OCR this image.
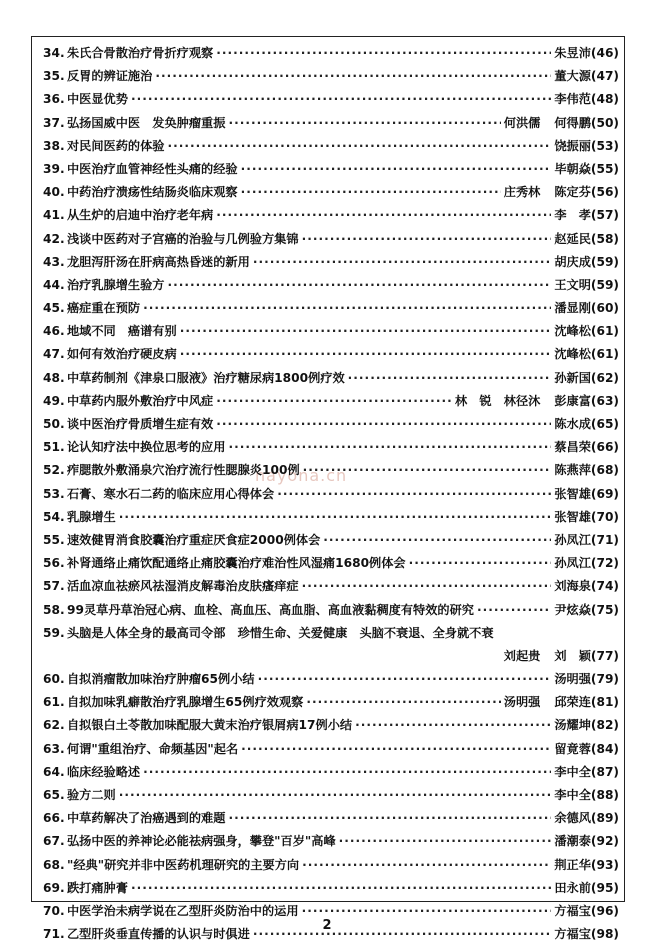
nayona.cn
34. 朱氏合骨散治疗骨折疗观察 ·····	朱昱沛(46)
35. 反胃的辨证施治 ·····	董大源(47)
36. 中医显优势 ·····	李伟范(48)
37. 弘扬国威中医　发奂肿瘤重振 ·····	何洪儒 何得鹏(50)
38. 对民间医药的体验 ·····	饶振丽(53)
39. 中医治疗血管神经性头痛的经验 ·····	毕朝焱(55)
40. 中药治疗溃疡性结肠炎临床观察 ·····	庄秀林 陈定芬(56)
41. 从生炉的启迪中治疗老年病 ·····	李　孝(57)
42. 浅谈中医药对子宫癌的治验与几例验方集锦 ·····	赵延民(58)
43. 龙胆泻肝汤在肝病高热昏迷的新用 ·····	胡庆成(59)
44. 治疗乳腺增生验方 ·····	王文明(59)
45. 癌症重在预防 ·····	潘显刚(60)
46. 地域不同　癌谱有别 ·····	沈峰松(61)
47. 如何有效治疗硬皮病 ·····	沈峰松(61)
48. 中草药制剂《津泉口服液》治疗糖尿病1800例疗效 ·····	孙新国(62)
49. 中草药内服外敷治疗中风症 ·····	林　锐　林径沐 彭康富(63)
50. 谈中医治疗骨质增生症有效 ·····	陈水成(65)
51. 论认知疗法中换位思考的应用 ·····	蔡昌荣(66)
52. 痄腮散外敷涌泉穴治疗流行性腮腺炎100例 ·····	陈燕萍(68)
53. 石膏、寒水石二药的临床应用心得体会 ·····	张智雄(69)
54. 乳腺增生 ·····	张智雄(70)
55. 速效健胃消食胶囊治疗重症厌食症2000例体会 ·····	孙凤江(71)
56. 补肾通络止痛饮配通络止痛胶囊治疗难治性风湿痛1680例体会 ·····	孙凤江(72)
57. 活血凉血祛瘀风祛湿消皮解毒治皮肤瘙痒症 ·····	刘海泉(74)
58. 99灵草丹草治冠心病、血栓、高血压、高血脂、高血液黏稠度有特效的研究 ·····	尹炫焱(75)
59. 头脑是人体全身的最高司令部　珍惜生命、关爱健康　头脑不衰退、全身就不衰
刘起贵 刘　颖(77)
60. 自拟消瘤散加味治疗肿瘤65例小结 ·····	汤明强(79)
61. 自拟加味乳癖散治疗乳腺增生65例疗效观察 ·····	汤明强 邱荣连(81)
62. 自拟银白土苓散加味配服大黄末治疗银屑病17例小结 ·····	汤耀坤(82)
63. 何谓"重组治疗、命频基因"起名 ·····	留竟蓉(84)
64. 临床经验略述 ·····	李中全(87)
65. 验方二则 ·····	李中全(88)
66. 中草药解决了治癌遇到的难题 ·····	余德风(89)
67. 弘扬中医的养神论必能祛病强身，攀登"百岁"高峰 ·····	潘潮泰(92)
68. "经典"研究并非中医药机理研究的主要方向 ·····	荆正华(93)
69. 跌打痛肿膏 ·····	田永前(95)
70. 中医学治未病学说在乙型肝炎防治中的运用 ·····	方福宝(96)
71. 乙型肝炎垂直传播的认识与时俱进 ·····	方福宝(98)
2
